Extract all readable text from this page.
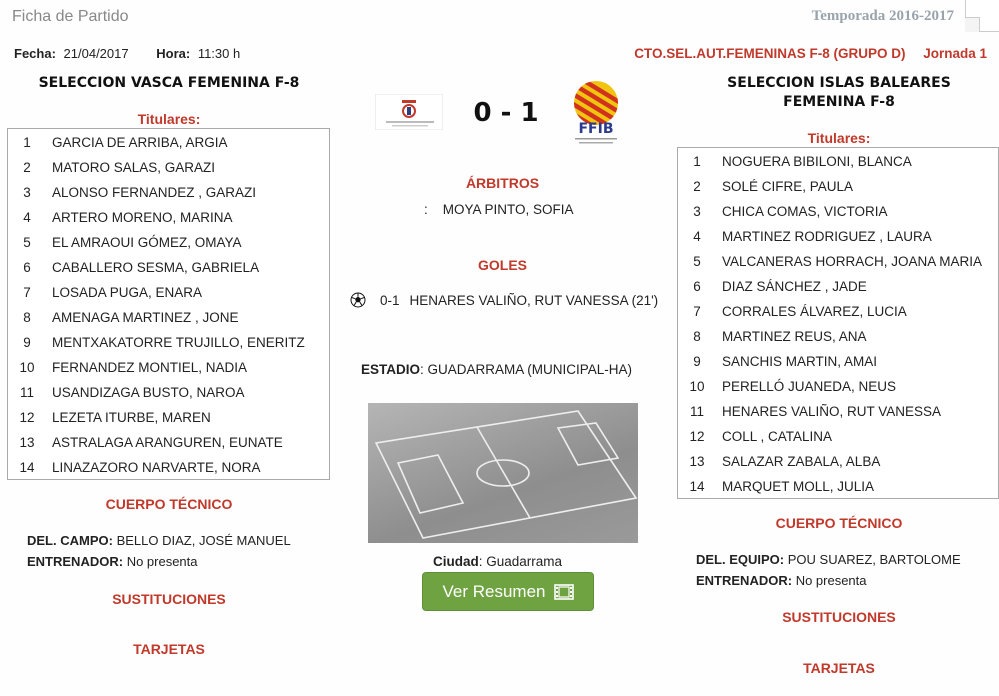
Ficha de Partido	Temporada 2016-2017
Fecha: 21/04/2017 Hora: 11:30 h	CTO.SEL.AUT.FEMENINAS F-8 (GRUPO D) Jornada 1
SELECCION VASCA FEMENINA F-8
Titulares:
1	GARCIA DE ARRIBA, ARGIA
2	MATORO SALAS, GARAZI
3	ALONSO FERNANDEZ , GARAZI
4	ARTERO MORENO, MARINA
5	EL AMRAOUI GÓMEZ, OMAYA
6	CABALLERO SESMA, GABRIELA
7	LOSADA PUGA, ENARA
8	AMENAGA MARTINEZ , JONE
9	MENTXAKATORRE TRUJILLO, ENERITZ
10	FERNANDEZ MONTIEL, NADIA
11	USANDIZAGA BUSTO, NAROA
12	LEZETA ITURBE, MAREN
13	ASTRALAGA ARANGUREN, EUNATE
14	LINAZAZORO NARVARTE, NORA
CUERPO TÉCNICO
DEL. CAMPO: BELLO DIAZ, JOSÉ MANUEL
ENTRENADOR: No presenta
SUSTITUCIONES
TARJETAS
0 - 1
FFIB
ÁRBITROS
:    MOYA PINTO, SOFIA
GOLES
0-1 HENARES VALIÑO, RUT VANESSA (21')
ESTADIO: GUADARRAMA (MUNICIPAL-HA)
Ciudad: Guadarrama
Ver Resumen
SELECCION ISLAS BALEARES
FEMENINA F-8
Titulares:
1	NOGUERA BIBILONI, BLANCA
2	SOLÉ CIFRE, PAULA
3	CHICA COMAS, VICTORIA
4	MARTINEZ RODRIGUEZ , LAURA
5	VALCANERAS HORRACH, JOANA MARIA
6	DIAZ SÁNCHEZ , JADE
7	CORRALES ÁLVAREZ, LUCIA
8	MARTINEZ REUS, ANA
9	SANCHIS MARTIN, AMAI
10	PERELLÓ JUANEDA, NEUS
11	HENARES VALIÑO, RUT VANESSA
12	COLL , CATALINA
13	SALAZAR ZABALA, ALBA
14	MARQUET MOLL, JULIA
CUERPO TÉCNICO
DEL. EQUIPO: POU SUAREZ, BARTOLOME
ENTRENADOR: No presenta
SUSTITUCIONES
TARJETAS
